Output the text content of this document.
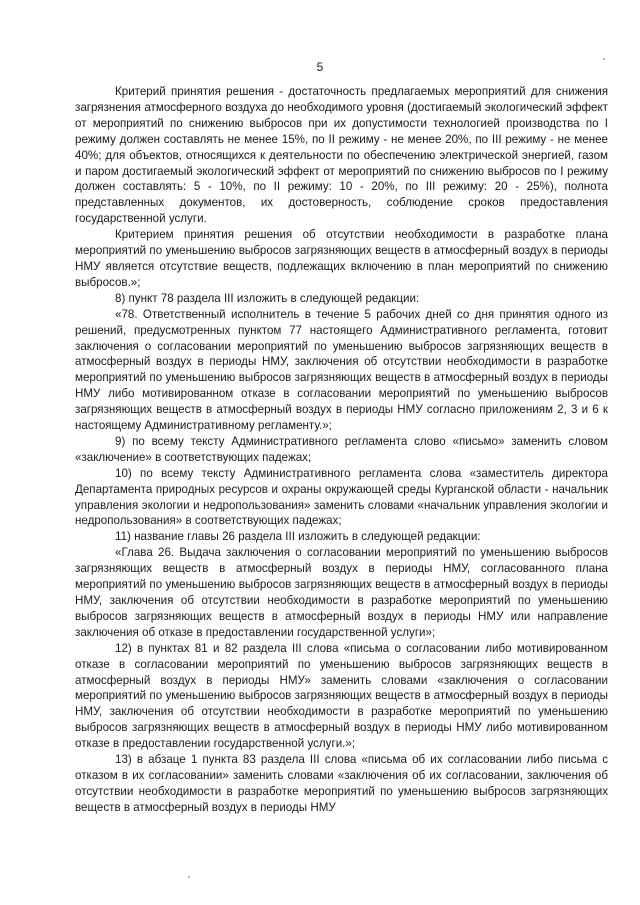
5

Критерий принятия решения - достаточность предлагаемых мероприятий для снижения загрязнения атмосферного воздуха до необходимого уровня (достигаемый экологический эффект от мероприятий по снижению выбросов при их допустимости технологией производства по I режиму должен составлять не менее 15%, по II режиму - не менее 20%, по III режиму - не менее 40%; для объектов, относящихся к деятельности по обеспечению электрической энергией, газом и паром достигаемый экологический эффект от мероприятий по снижению выбросов по I режиму должен составлять: 5 - 10%, по II режиму: 10 - 20%, по III режиму: 20 - 25%), полнота представленных документов, их достоверность, соблюдение сроков предоставления государственной услуги.

Критерием принятия решения об отсутствии необходимости в разработке плана мероприятий по уменьшению выбросов загрязняющих веществ в атмосферный воздух в периоды НМУ является отсутствие веществ, подлежащих включению в план мероприятий по снижению выбросов.»;

8) пункт 78 раздела III изложить в следующей редакции:

«78. Ответственный исполнитель в течение 5 рабочих дней со дня принятия одного из решений, предусмотренных пунктом 77 настоящего Административного регламента, готовит заключения о согласовании мероприятий по уменьшению выбросов загрязняющих веществ в атмосферный воздух в периоды НМУ, заключения об отсутствии необходимости в разработке мероприятий по уменьшению выбросов загрязняющих веществ в атмосферный воздух в периоды НМУ либо мотивированном отказе в согласовании мероприятий по уменьшению выбросов загрязняющих веществ в атмосферный воздух в периоды НМУ согласно приложениям 2, 3 и 6 к настоящему Административному регламенту.»;

9) по всему тексту Административного регламента слово «письмо» заменить словом «заключение» в соответствующих падежах;

10) по всему тексту Административного регламента слова «заместитель директора Департамента природных ресурсов и охраны окружающей среды Курганской области - начальник управления экологии и недропользования» заменить словами «начальник управления экологии и недропользования» в соответствующих падежах;

11) название главы 26 раздела III изложить в следующей редакции:

«Глава 26. Выдача заключения о согласовании мероприятий по уменьшению выбросов загрязняющих веществ в атмосферный воздух в периоды НМУ, согласованного плана мероприятий по уменьшению выбросов загрязняющих веществ в атмосферный воздух в периоды НМУ, заключения об отсутствии необходимости в разработке мероприятий по уменьшению выбросов загрязняющих веществ в атмосферный воздух в периоды НМУ или направление заключения об отказе в предоставлении государственной услуги»;

12) в пунктах 81 и 82 раздела III слова «письма о согласовании либо мотивированном отказе в согласовании мероприятий по уменьшению выбросов загрязняющих веществ в атмосферный воздух в периоды НМУ» заменить словами «заключения о согласовании мероприятий по уменьшению выбросов загрязняющих веществ в атмосферный воздух в периоды НМУ, заключения об отсутствии необходимости в разработке мероприятий по уменьшению выбросов загрязняющих веществ в атмосферный воздух в периоды НМУ либо мотивированном отказе в предоставлении государственной услуги.»;

13) в абзаце 1 пункта 83 раздела III слова «письма об их согласовании либо письма с отказом в их согласовании» заменить словами «заключения об их согласовании, заключения об отсутствии необходимости в разработке мероприятий по уменьшению выбросов загрязняющих веществ в атмосферный воздух в периоды НМУ
